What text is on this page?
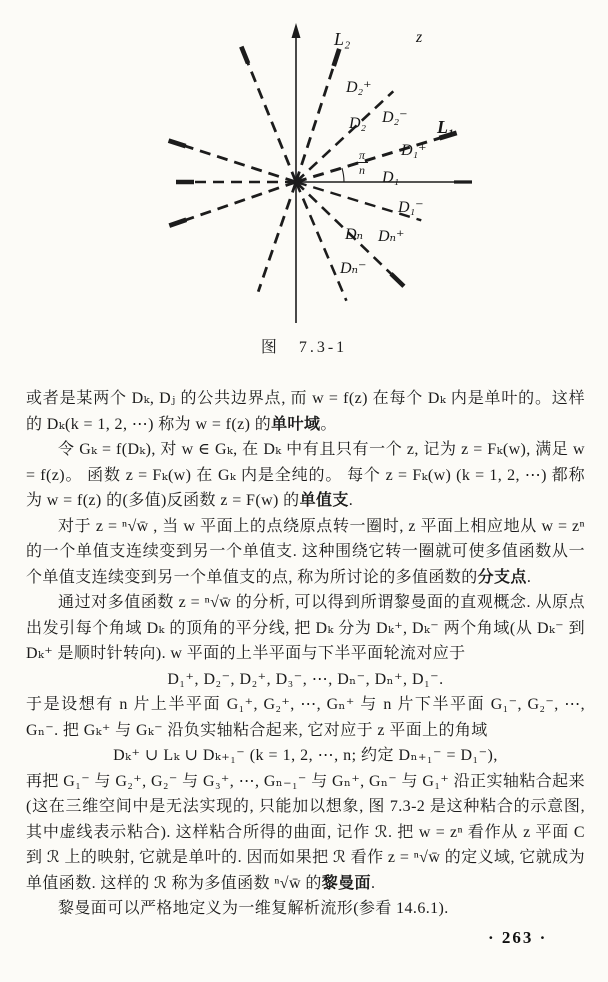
L₂	z
D₂⁺
D₂ D₂⁻ L₁
D₁⁺
$\frac{\pi}{n}$
D₁
D₁⁻
Dₙ Dₙ⁺
Dₙ⁻
图　7.3-1

或者是某两个 Dₖ, Dⱼ 的公共边界点, 而 w = f(z) 在每个 Dₖ 内是单叶的。这样的 Dₖ(k = 1, 2, ⋯) 称为 w = f(z) 的单叶域。

令 Gₖ = f(Dₖ), 对 w ∈ Gₖ, 在 Dₖ 中有且只有一个 z, 记为 z = Fₖ(w), 满足 w = f(z)。 函数 z = Fₖ(w) 在 Gₖ 内是全纯的。 每个 z = Fₖ(w) (k = 1, 2, ⋯) 都称为 w = f(z) 的(多值)反函数 z = F(w) 的单值支.

对于 z = ⁿ√w̄ , 当 w 平面上的点绕原点转一圈时, z 平面上相应地从 w = zⁿ 的一个单值支连续变到另一个单值支. 这种围绕它转一圈就可使多值函数从一个单值支连续变到另一个单值支的点, 称为所讨论的多值函数的分支点.

通过对多值函数 z = ⁿ√w̄ 的分析, 可以得到所谓黎曼面的直观概念. 从原点出发引每个角域 Dₖ 的顶角的平分线, 把 Dₖ 分为 Dₖ⁺, Dₖ⁻ 两个角域(从 Dₖ⁻ 到 Dₖ⁺ 是顺时针转向). w 平面的上半平面与下半平面轮流对应于

D₁⁺, D₂⁻, D₂⁺, D₃⁻, ⋯, Dₙ⁻, Dₙ⁺, D₁⁻.

于是设想有 n 片上半平面 G₁⁺, G₂⁺, ⋯, Gₙ⁺ 与 n 片下半平面 G₁⁻, G₂⁻, ⋯, Gₙ⁻. 把 Gₖ⁺ 与 Gₖ⁻ 沿负实轴粘合起来, 它对应于 z 平面上的角域

Dₖ⁺ ∪ Lₖ ∪ Dₖ₊₁⁻ (k = 1, 2, ⋯, n; 约定 Dₙ₊₁⁻ = D₁⁻),

再把 G₁⁻ 与 G₂⁺, G₂⁻ 与 G₃⁺, ⋯, Gₙ₋₁⁻ 与 Gₙ⁺, Gₙ⁻ 与 G₁⁺ 沿正实轴粘合起来(这在三维空间中是无法实现的, 只能加以想象, 图 7.3-2 是这种粘合的示意图, 其中虚线表示粘合). 这样粘合所得的曲面, 记作 ℛ. 把 w = zⁿ 看作从 z 平面 C 到 ℛ 上的映射, 它就是单叶的. 因而如果把 ℛ 看作 z = ⁿ√w̄ 的定义域, 它就成为单值函数. 这样的 ℛ 称为多值函数 ⁿ√w̄ 的黎曼面.

黎曼面可以严格地定义为一维复解析流形(参看 14.6.1).

· 263 ·
